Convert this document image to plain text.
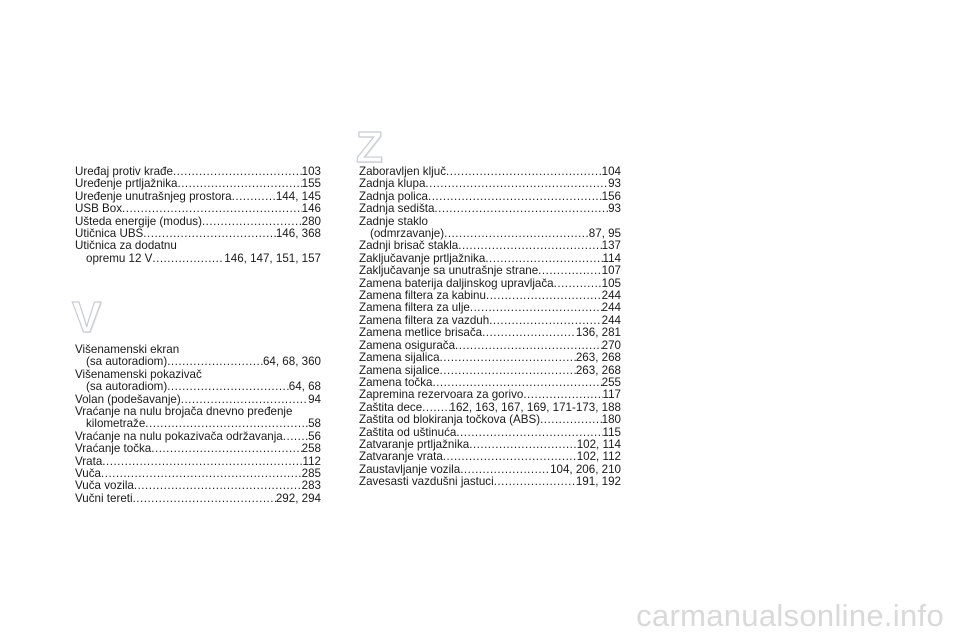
Z
V
Uređaj protiv krađe .....	103
Uređenje prtljažnika .....	155
Uređenje unutrašnjeg prostora .....	144, 145
USB Box .....	146
Ušteda energije (modus) .....	280
Utičnica UBS .....	146, 368
Utičnica za dodatnu
opremu 12 V .....	146, 147, 151, 157
Višenamenski ekran
(sa autoradiom) .....	64, 68, 360
Višenamenski pokazivač
(sa autoradiom) .....	64, 68
Volan (podešavanje) .....	94
Vraćanje na nulu brojača dnevno pređenje
kilometraže .....	58
Vraćanje na nulu pokazivača održavanja ..... 56
Vraćanje točka .....	258
Vrata .....	112
Vuča .....	285
Vuča vozila .....	283
Vučni tereti .....	292, 294
Zaboravljen ključ .....	104
Zadnja klupa .....	93
Zadnja polica .....	156
Zadnja sedišta .....	93
Zadnje staklo
(odmrzavanje) .....	87, 95
Zadnji brisač stakla .....	137
Zaključavanje prtljažnika .....	114
Zaključavanje sa unutrašnje strane .....	107
Zamena baterija daljinskog upravljača .....	105
Zamena filtera za kabinu .....	244
Zamena filtera za ulje .....	244
Zamena filtera za vazduh .....	244
Zamena metlice brisača .....	136, 281
Zamena osigurača .....	270
Zamena sijalica .....	263, 268
Zamena sijalice .....	263, 268
Zamena točka .....	255
Zapremina rezervoara za gorivo .....	117
Zaštita dece ..... 162, 163, 167, 169, 171-173, 188
Zaštita od blokiranja točkova (ABS) .....	180
Zaštita od uštinuća .....	115
Zatvaranje prtljažnika .....	102, 114
Zatvaranje vrata .....	102, 112
Zaustavljanje vozila .....	104, 206, 210
Zavesasti vazdušni jastuci .....	191, 192
carmanualsonline.info
